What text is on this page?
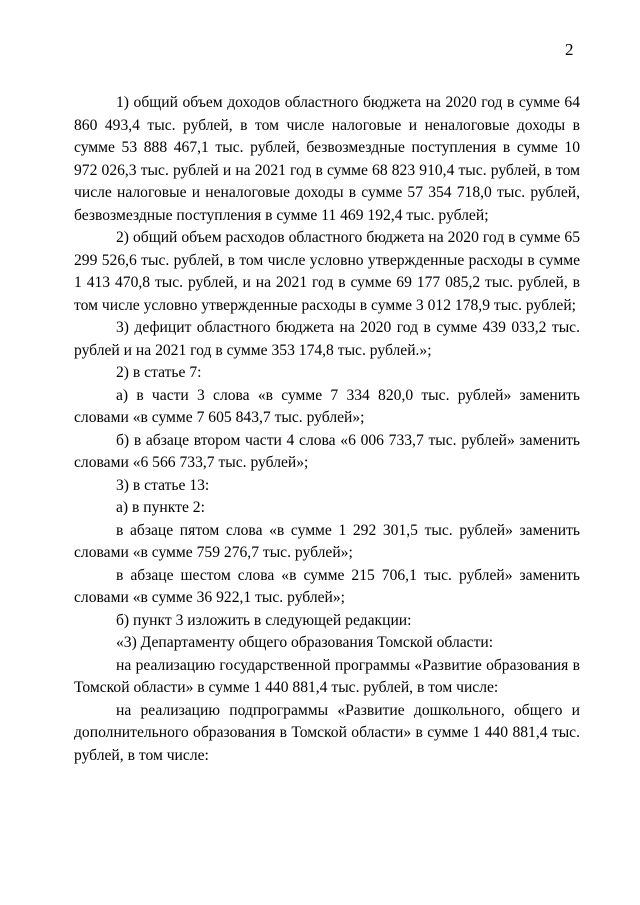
2

1) общий объем доходов областного бюджета на 2020 год в сумме 64 860 493,4 тыс. рублей, в том числе налоговые и неналоговые доходы в сумме 53 888 467,1 тыс. рублей, безвозмездные поступления в сумме 10 972 026,3 тыс. рублей и на 2021 год в сумме 68 823 910,4 тыс. рублей, в том числе налоговые и неналоговые доходы в сумме 57 354 718,0 тыс. рублей, безвозмездные поступления в сумме 11 469 192,4 тыс. рублей;

2) общий объем расходов областного бюджета на 2020 год в сумме 65 299 526,6 тыс. рублей, в том числе условно утвержденные расходы в сумме 1 413 470,8 тыс. рублей, и на 2021 год в сумме 69 177 085,2 тыс. рублей, в том числе условно утвержденные расходы в сумме 3 012 178,9 тыс. рублей;

3) дефицит областного бюджета на 2020 год в сумме 439 033,2 тыс. рублей и на 2021 год в сумме 353 174,8 тыс. рублей.»;

2) в статье 7:

а) в части 3 слова «в сумме 7 334 820,0 тыс. рублей» заменить словами «в сумме 7 605 843,7 тыс. рублей»;

б) в абзаце втором части 4 слова «6 006 733,7 тыс. рублей» заменить словами «6 566 733,7 тыс. рублей»;

3) в статье 13:

а) в пункте 2:

в абзаце пятом слова «в сумме 1 292 301,5 тыс. рублей» заменить словами «в сумме 759 276,7 тыс. рублей»;

в абзаце шестом слова «в сумме 215 706,1 тыс. рублей» заменить словами «в сумме 36 922,1 тыс. рублей»;

б) пункт 3 изложить в следующей редакции:

«3) Департаменту общего образования Томской области:

на реализацию государственной программы «Развитие образования в Томской области» в сумме 1 440 881,4 тыс. рублей, в том числе:

на реализацию подпрограммы «Развитие дошкольного, общего и дополнительного образования в Томской области» в сумме 1 440 881,4 тыс. рублей, в том числе:
